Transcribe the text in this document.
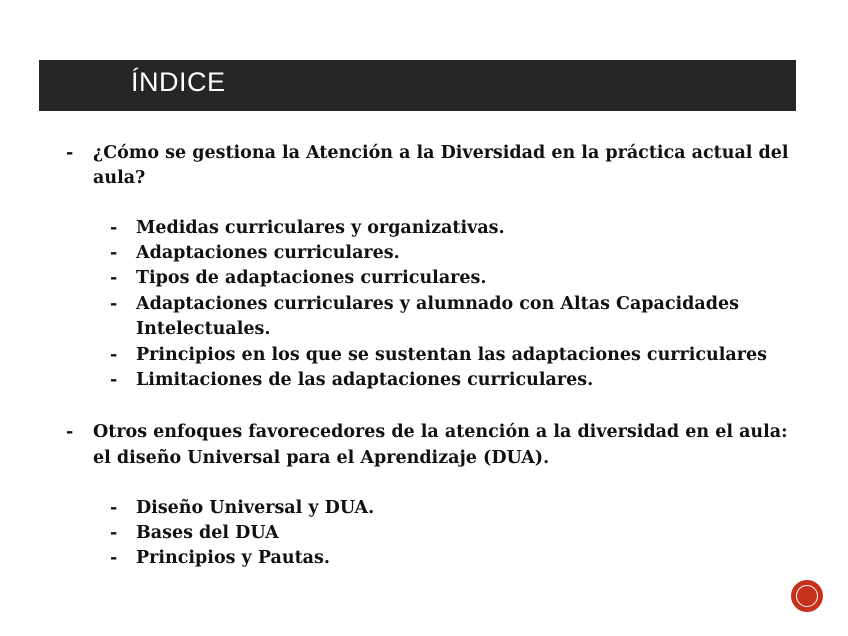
ÍNDICE
- ¿Cómo se gestiona la Atención a la Diversidad en la práctica actual del
aula?
- Medidas curriculares y organizativas.
- Adaptaciones curriculares.
- Tipos de adaptaciones curriculares.
- Adaptaciones curriculares y alumnado con Altas Capacidades
Intelectuales.
- Principios en los que se sustentan las adaptaciones curriculares
- Limitaciones de las adaptaciones curriculares.
- Otros enfoques favorecedores de la atención a la diversidad en el aula:
el diseño Universal para el Aprendizaje (DUA).
- Diseño Universal y DUA.
- Bases del DUA
- Principios y Pautas.
